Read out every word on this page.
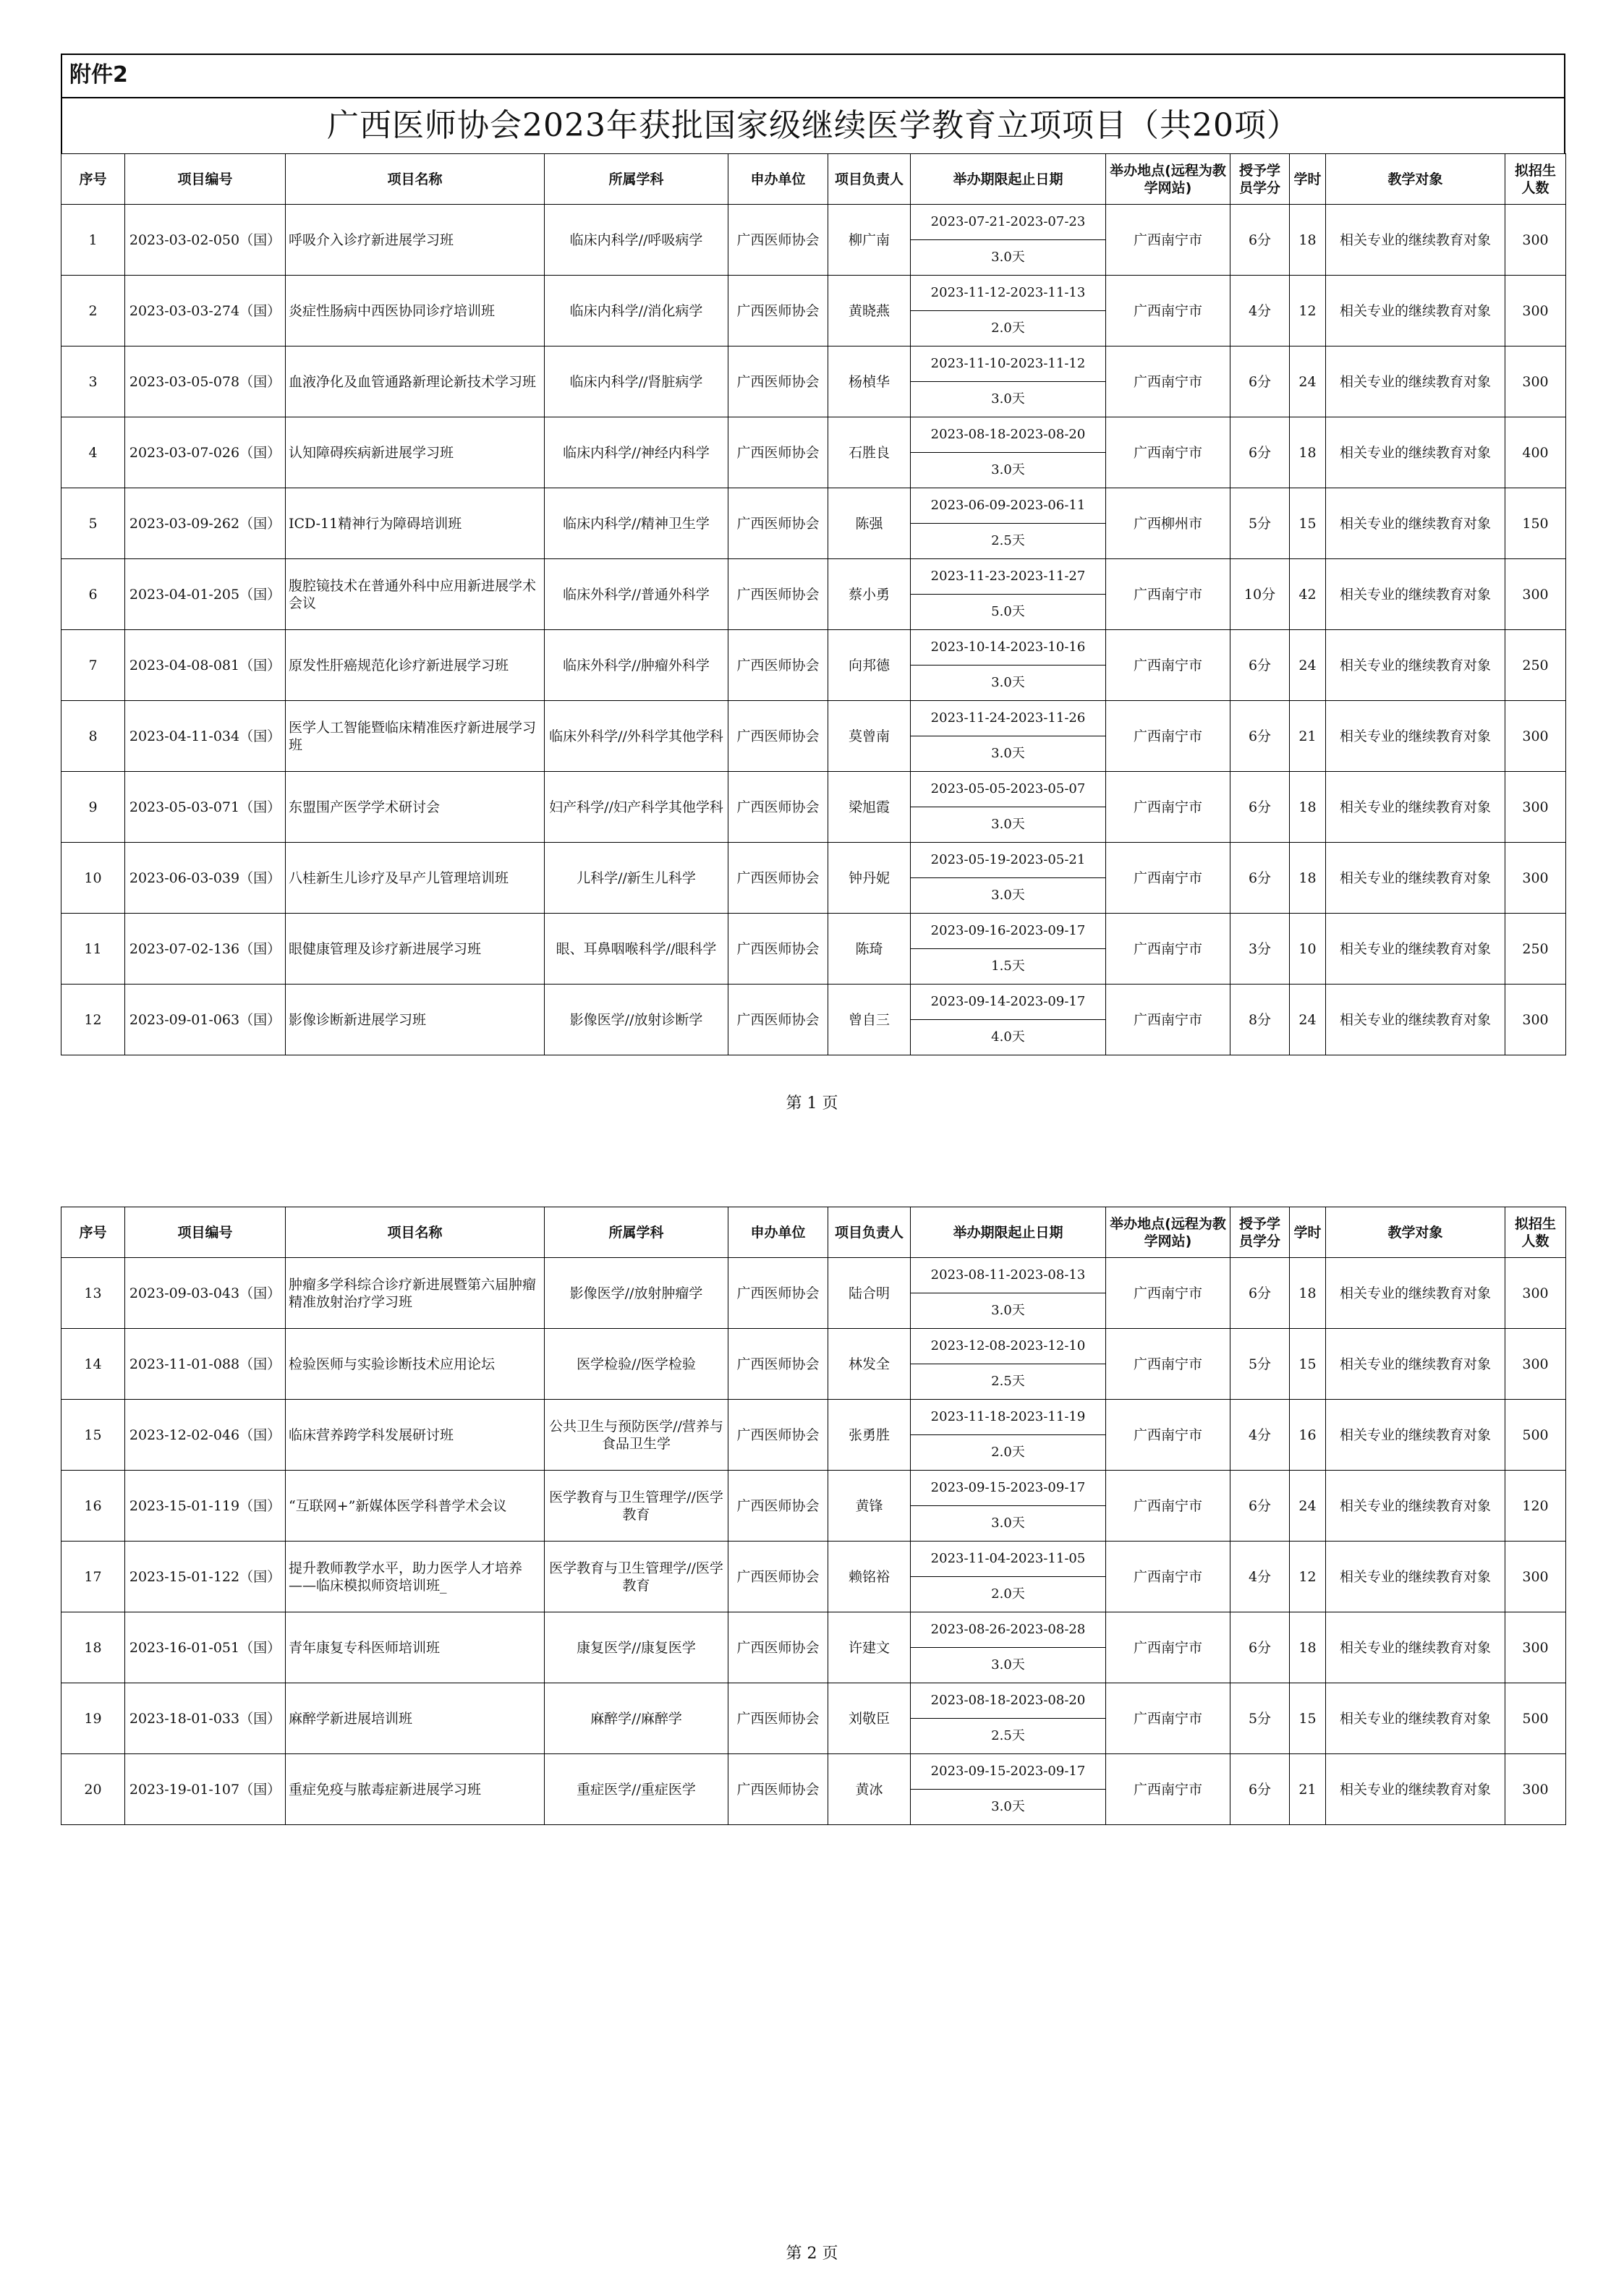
附件2
广西医师协会2023年获批国家级继续医学教育立项项目（共20项）
序号	项目编号	项目名称	所属学科	申办单位	项目负责人	举办期限起止日期	举办地点(远程为教学网站)	授予学员学分	学时	教学对象	拟招生人数
1	2023-03-02-050（国）	呼吸介入诊疗新进展学习班	临床内科学//呼吸病学	广西医师协会	柳广南	2023-07-21-2023-07-23	广西南宁市	6分	18	相关专业的继续教育对象	300
						3.0天					
2	2023-03-03-274（国）	炎症性肠病中西医协同诊疗培训班	临床内科学//消化病学	广西医师协会	黄晓燕	2023-11-12-2023-11-13	广西南宁市	4分	12	相关专业的继续教育对象	300
						2.0天					
3	2023-03-05-078（国）	血液净化及血管通路新理论新技术学习班	临床内科学//肾脏病学	广西医师协会	杨楨华	2023-11-10-2023-11-12	广西南宁市	6分	24	相关专业的继续教育对象	300
						3.0天					
4	2023-03-07-026（国）	认知障碍疾病新进展学习班	临床内科学//神经内科学	广西医师协会	石胜良	2023-08-18-2023-08-20	广西南宁市	6分	18	相关专业的继续教育对象	400
						3.0天					
5	2023-03-09-262（国）	ICD-11精神行为障碍培训班	临床内科学//精神卫生学	广西医师协会	陈强	2023-06-09-2023-06-11	广西柳州市	5分	15	相关专业的继续教育对象	150
						2.5天					
6	2023-04-01-205（国）	腹腔镜技术在普通外科中应用新进展学术会议	临床外科学//普通外科学	广西医师协会	蔡小勇	2023-11-23-2023-11-27	广西南宁市	10分	42	相关专业的继续教育对象	300
						5.0天					
7	2023-04-08-081（国）	原发性肝癌规范化诊疗新进展学习班	临床外科学//肿瘤外科学	广西医师协会	向邦德	2023-10-14-2023-10-16	广西南宁市	6分	24	相关专业的继续教育对象	250
						3.0天					
8	2023-04-11-034（国）	医学人工智能暨临床精准医疗新进展学习班	临床外科学//外科学其他学科	广西医师协会	莫曾南	2023-11-24-2023-11-26	广西南宁市	6分	21	相关专业的继续教育对象	300
						3.0天					
9	2023-05-03-071（国）	东盟围产医学学术研讨会	妇产科学//妇产科学其他学科	广西医师协会	梁旭霞	2023-05-05-2023-05-07	广西南宁市	6分	18	相关专业的继续教育对象	300
						3.0天					
10	2023-06-03-039（国）	八桂新生儿诊疗及早产儿管理培训班	儿科学//新生儿科学	广西医师协会	钟丹妮	2023-05-19-2023-05-21	广西南宁市	6分	18	相关专业的继续教育对象	300
						3.0天					
11	2023-07-02-136（国）	眼健康管理及诊疗新进展学习班	眼、耳鼻咽喉科学//眼科学	广西医师协会	陈琦	2023-09-16-2023-09-17	广西南宁市	3分	10	相关专业的继续教育对象	250
						1.5天					
12	2023-09-01-063（国）	影像诊断新进展学习班	影像医学//放射诊断学	广西医师协会	曾自三	2023-09-14-2023-09-17	广西南宁市	8分	24	相关专业的继续教育对象	300
						4.0天					
第 1 页
序号	项目编号	项目名称	所属学科	申办单位	项目负责人	举办期限起止日期	举办地点(远程为教学网站)	授予学员学分	学时	教学对象	拟招生人数
13	2023-09-03-043（国）	肿瘤多学科综合诊疗新进展暨第六届肿瘤精准放射治疗学习班	影像医学//放射肿瘤学	广西医师协会	陆合明	2023-08-11-2023-08-13	广西南宁市	6分	18	相关专业的继续教育对象	300
						3.0天					
14	2023-11-01-088（国）	检验医师与实验诊断技术应用论坛	医学检验//医学检验	广西医师协会	林发全	2023-12-08-2023-12-10	广西南宁市	5分	15	相关专业的继续教育对象	300
						2.5天					
15	2023-12-02-046（国）	临床营养跨学科发展研讨班	公共卫生与预防医学//营养与食品卫生学	广西医师协会	张勇胜	2023-11-18-2023-11-19	广西南宁市	4分	16	相关专业的继续教育对象	500
						2.0天					
16	2023-15-01-119（国）	“互联网+”新媒体医学科普学术会议	医学教育与卫生管理学//医学教育	广西医师协会	黄锋	2023-09-15-2023-09-17	广西南宁市	6分	24	相关专业的继续教育对象	120
						3.0天					
17	2023-15-01-122（国）	提升教师教学水平，助力医学人才培养——临床模拟师资培训班_	医学教育与卫生管理学//医学教育	广西医师协会	赖铭裕	2023-11-04-2023-11-05	广西南宁市	4分	12	相关专业的继续教育对象	300
						2.0天					
18	2023-16-01-051（国）	青年康复专科医师培训班	康复医学//康复医学	广西医师协会	许建文	2023-08-26-2023-08-28	广西南宁市	6分	18	相关专业的继续教育对象	300
						3.0天					
19	2023-18-01-033（国）	麻醉学新进展培训班	麻醉学//麻醉学	广西医师协会	刘敬臣	2023-08-18-2023-08-20	广西南宁市	5分	15	相关专业的继续教育对象	500
						2.5天					
20	2023-19-01-107（国）	重症免疫与脓毒症新进展学习班	重症医学//重症医学	广西医师协会	黄冰	2023-09-15-2023-09-17	广西南宁市	6分	21	相关专业的继续教育对象	300
						3.0天					
第 2 页
